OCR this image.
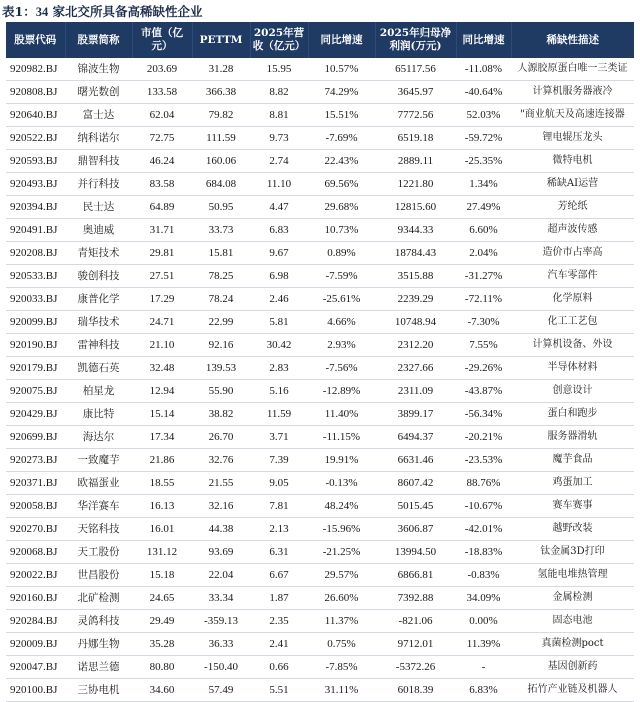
表1：34 家北交所具备高稀缺性企业
股票代码	股票简称	市值（亿元）	PETTM	2025年营收（亿元）	同比增速	2025年归母净利润(万元)	同比增速	稀缺性描述
920982.BJ	锦波生物	203.69	31.28	15.95	10.57%	65117.56	-11.08%	人源胶原蛋白唯一三类证
920808.BJ	曙光数创	133.58	366.38	8.82	74.29%	3645.97	-40.64%	计算机服务器液冷
920640.BJ	富士达	62.04	79.82	8.81	15.51%	7772.56	52.03%	"商业航天及高速连接器
920522.BJ	纳科诺尔	72.75	111.59	9.73	-7.69%	6519.18	-59.72%	锂电辊压龙头
920593.BJ	鼎智科技	46.24	160.06	2.74	22.43%	2889.11	-25.35%	微特电机
920493.BJ	并行科技	83.58	684.08	11.10	69.56%	1221.80	1.34%	稀缺AI运营
920394.BJ	民士达	64.89	50.95	4.47	29.68%	12815.60	27.49%	芳纶纸
920491.BJ	奥迪威	31.71	33.73	6.83	10.73%	9344.33	6.60%	超声波传感
920208.BJ	青矩技术	29.81	15.81	9.67	0.89%	18784.43	2.04%	造价市占率高
920533.BJ	骏创科技	27.51	78.25	6.98	-7.59%	3515.88	-31.27%	汽车零部件
920033.BJ	康普化学	17.29	78.24	2.46	-25.61%	2239.29	-72.11%	化学原料
920099.BJ	瑞华技术	24.71	22.99	5.81	4.66%	10748.94	-7.30%	化工工艺包
920190.BJ	雷神科技	21.10	92.16	30.42	2.93%	2312.20	7.55%	计算机设备、外设
920179.BJ	凯德石英	32.48	139.53	2.83	-7.56%	2327.66	-29.26%	半导体材料
920075.BJ	柏星龙	12.94	55.90	5.16	-12.89%	2311.09	-43.87%	创意设计
920429.BJ	康比特	15.14	38.82	11.59	11.40%	3899.17	-56.34%	蛋白和跑步
920699.BJ	海达尔	17.34	26.70	3.71	-11.15%	6494.37	-20.21%	服务器滑轨
920273.BJ	一致魔芋	21.86	32.76	7.39	19.91%	6631.46	-23.53%	魔芋食品
920371.BJ	欧福蛋业	18.55	21.55	9.05	-0.13%	8607.42	88.76%	鸡蛋加工
920058.BJ	华洋赛车	16.13	32.16	7.81	48.24%	5015.45	-10.67%	赛车赛事
920270.BJ	天铭科技	16.01	44.38	2.13	-15.96%	3606.87	-42.01%	越野改装
920068.BJ	天工股份	131.12	93.69	6.31	-21.25%	13994.50	-18.83%	钛金属3D打印
920022.BJ	世昌股份	15.18	22.04	6.67	29.57%	6866.81	-0.83%	氢能电堆热管理
920160.BJ	北矿检测	24.65	33.34	1.87	26.60%	7392.88	34.09%	金属检测
920284.BJ	灵鸽科技	29.49	-359.13	2.35	11.37%	-821.06	0.00%	固态电池
920009.BJ	丹娜生物	35.28	36.33	2.41	0.75%	9712.01	11.39%	真菌检测poct
920047.BJ	诺思兰德	80.80	-150.40	0.66	-7.85%	-5372.26	-	基因创新药
920100.BJ	三协电机	34.60	57.49	5.51	31.11%	6018.39	6.83%	拓竹产业链及机器人
